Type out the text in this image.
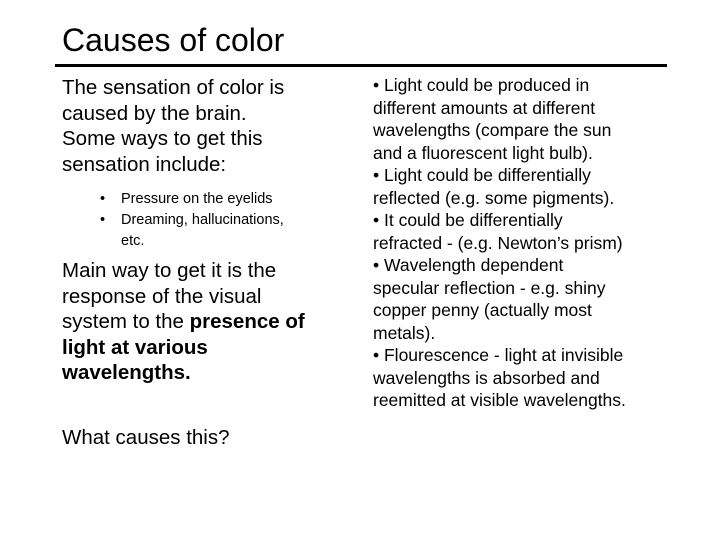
Causes of color

The sensation of color is
caused by the brain.
Some ways to get this
sensation include:

• Pressure on the eyelids
• Dreaming, hallucinations,
etc.

Main way to get it is the
response of the visual
system to the presence of
light at various
wavelengths.

What causes this?

• Light could be produced in
different amounts at different
wavelengths (compare the sun
and a fluorescent light bulb).
• Light could be differentially
reflected (e.g. some pigments).
• It could be differentially
refracted - (e.g. Newton’s prism)
• Wavelength dependent
specular reflection - e.g. shiny
copper penny (actually most
metals).
• Flourescence - light at invisible
wavelengths is absorbed and
reemitted at visible wavelengths.
